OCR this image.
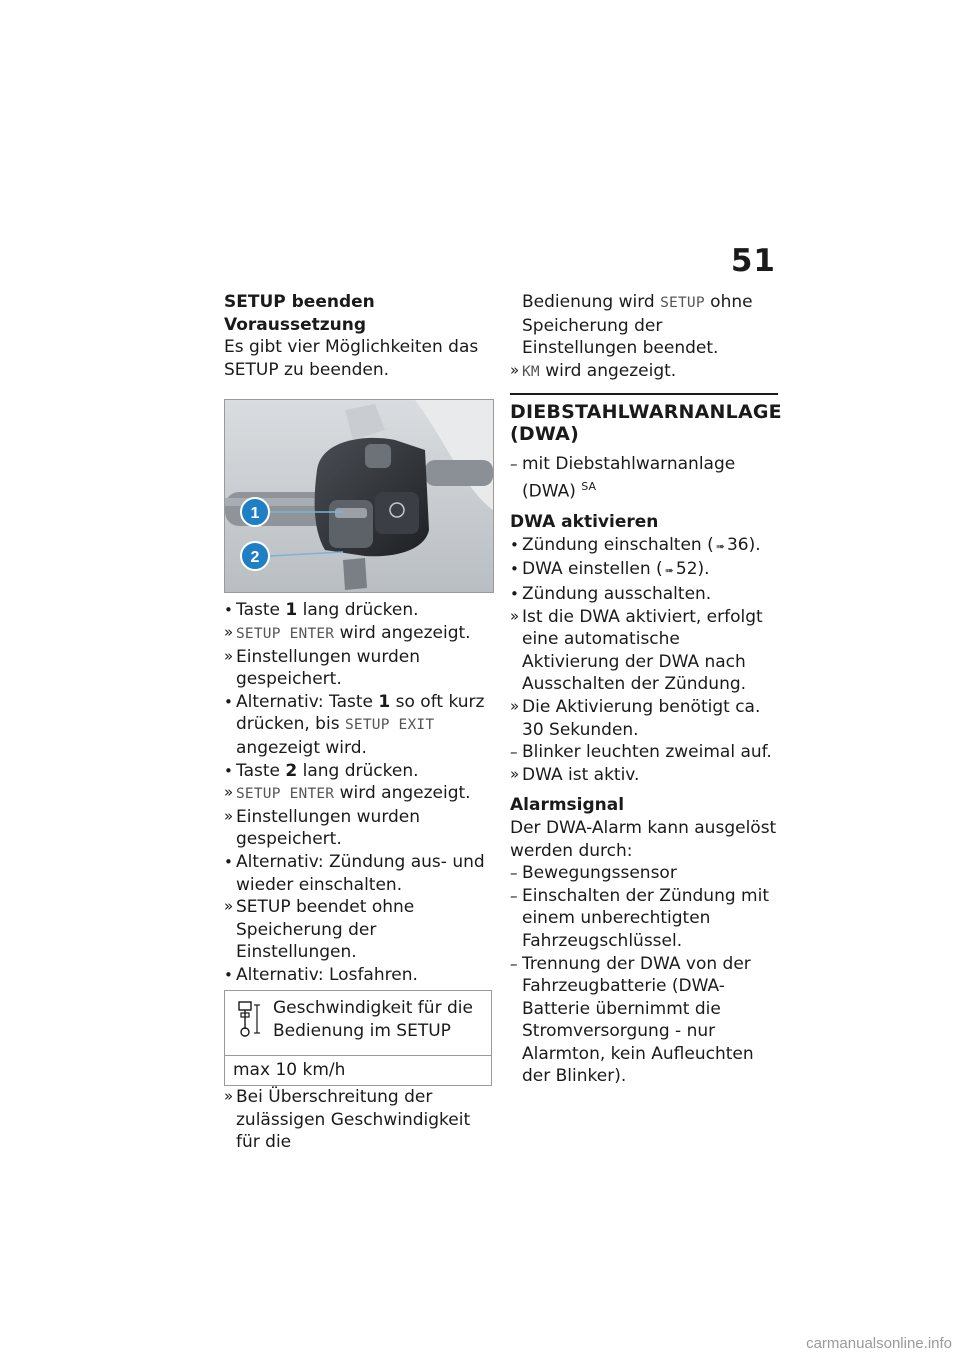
51
SETUP beenden
Voraussetzung

Es gibt vier Möglichkeiten das SETUP zu beenden.

1
2
• Taste 1 lang drücken.
» SETUP ENTER wird angezeigt.
» Einstellungen wurden gespeichert.
• Alternativ: Taste 1 so oft kurz drücken, bis SETUP EXIT angezeigt wird.
• Taste 2 lang drücken.
» SETUP ENTER wird angezeigt.
» Einstellungen wurden gespeichert.
• Alternativ: Zündung aus- und wieder einschalten.
» SETUP beendet ohne Speicherung der Einstellungen.
• Alternativ: Losfahren.
Geschwindigkeit für die Bedienung im SETUP
max 10 km/h
» Bei Überschreitung der zulässigen Geschwindigkeit für die

Bedienung wird SETUP ohne Speicherung der Einstellungen beendet.

» KM wird angezeigt.
DIEBSTAHLWARNANLAGE (DWA)
– mit Diebstahlwarnanlage (DWA) $^{SA}$
DWA aktivieren
• Zündung einschalten ( ➠ 36).
• DWA einstellen ( ➠ 52).
• Zündung ausschalten.
» Ist die DWA aktiviert, erfolgt eine automatische Aktivierung der DWA nach Ausschalten der Zündung.
» Die Aktivierung benötigt ca. 30 Sekunden.
– Blinker leuchten zweimal auf.
» DWA ist aktiv.
Alarmsignal

Der DWA-Alarm kann ausgelöst werden durch:

– Bewegungssensor
– Einschalten der Zündung mit einem unberechtigten Fahrzeugschlüssel.
– Trennung der DWA von der Fahrzeugbatterie (DWA-Batterie übernimmt die Stromversorgung - nur Alarmton, kein Aufleuchten der Blinker).
carmanualsonline.info
